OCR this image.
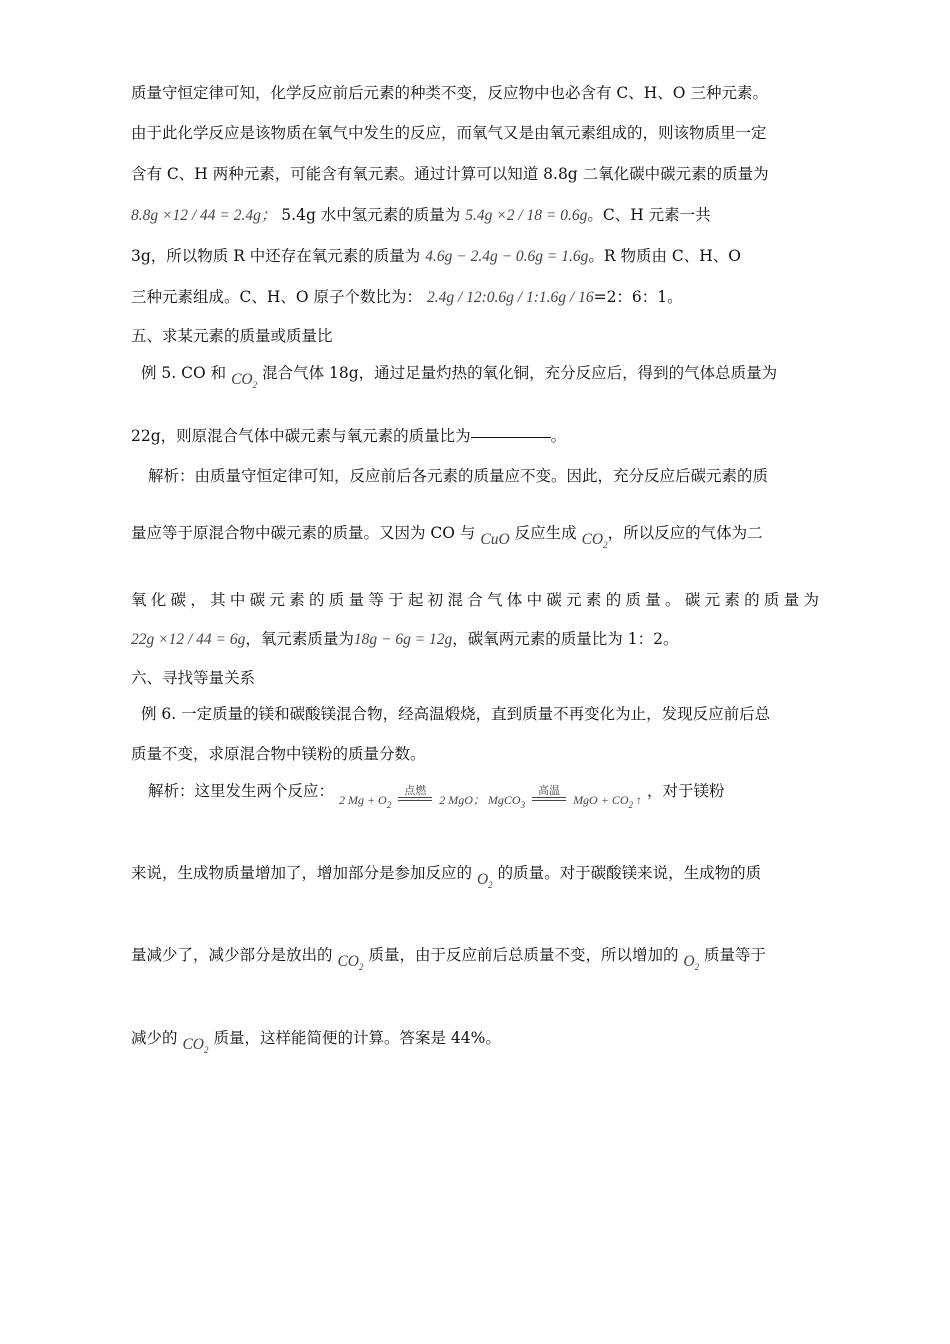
质量守恒定律可知，化学反应前后元素的种类不变，反应物中也必含有 C、H、O 三种元素。
由于此化学反应是该物质在氧气中发生的反应，而氧气又是由氧元素组成的，则该物质里一定
含有 C、H 两种元素，可能含有氧元素。通过计算可以知道 8.8g 二氧化碳中碳元素的质量为
8.8g ×12 / 44 = 2.4g； 5.4g 水中氢元素的质量为 5.4g ×2 / 18 = 0.6g。C、H 元素一共
3g，所以物质 R 中还存在氧元素的质量为 4.6g − 2.4g − 0.6g = 1.6g。R 物质由 C、H、O
三种元素组成。C、H、O 原子个数比为： 2.4g / 12:0.6g / 1:1.6g / 16=2：6：1。
五、求某元素的质量或质量比
例 5. CO 和 $CO_2$ 混合气体 18g，通过足量灼热的氧化铜，充分反应后，得到的气体总质量为
22g，则原混合气体中碳元素与氧元素的质量比为	。
解析：由质量守恒定律可知，反应前后各元素的质量应不变。因此，充分反应后碳元素的质
量应等于原混合物中碳元素的质量。又因为 CO 与 CuO 反应生成 $CO_2$，所以反应的气体为二
氧化碳，其中碳元素的质量等于起初混合气体中碳元素的质量。碳元素的质量为
22g ×12 / 44 = 6g，氧元素质量为18g − 6g = 12g，碳氧两元素的质量比为 1：2。
六、寻找等量关系
例 6. 一定质量的镁和碳酸镁混合物，经高温煅烧，直到质量不再变化为止，发现反应前后总
质量不变，求原混合物中镁粉的质量分数。
解析：这里发生两个反应： 2 $Mg + O_2$
点燃
2 MgO； MgCO$_3$
高温
MgO + $CO_2$ ↑ ，对于镁粉
来说，生成物质量增加了，增加部分是参加反应的 $O_2$ 的质量。对于碳酸镁来说，生成物的质
量减少了，减少部分是放出的 $CO_2$ 质量，由于反应前后总质量不变，所以增加的 $O_2$ 质量等于
减少的 $CO_2$ 质量，这样能简便的计算。答案是 44%。
